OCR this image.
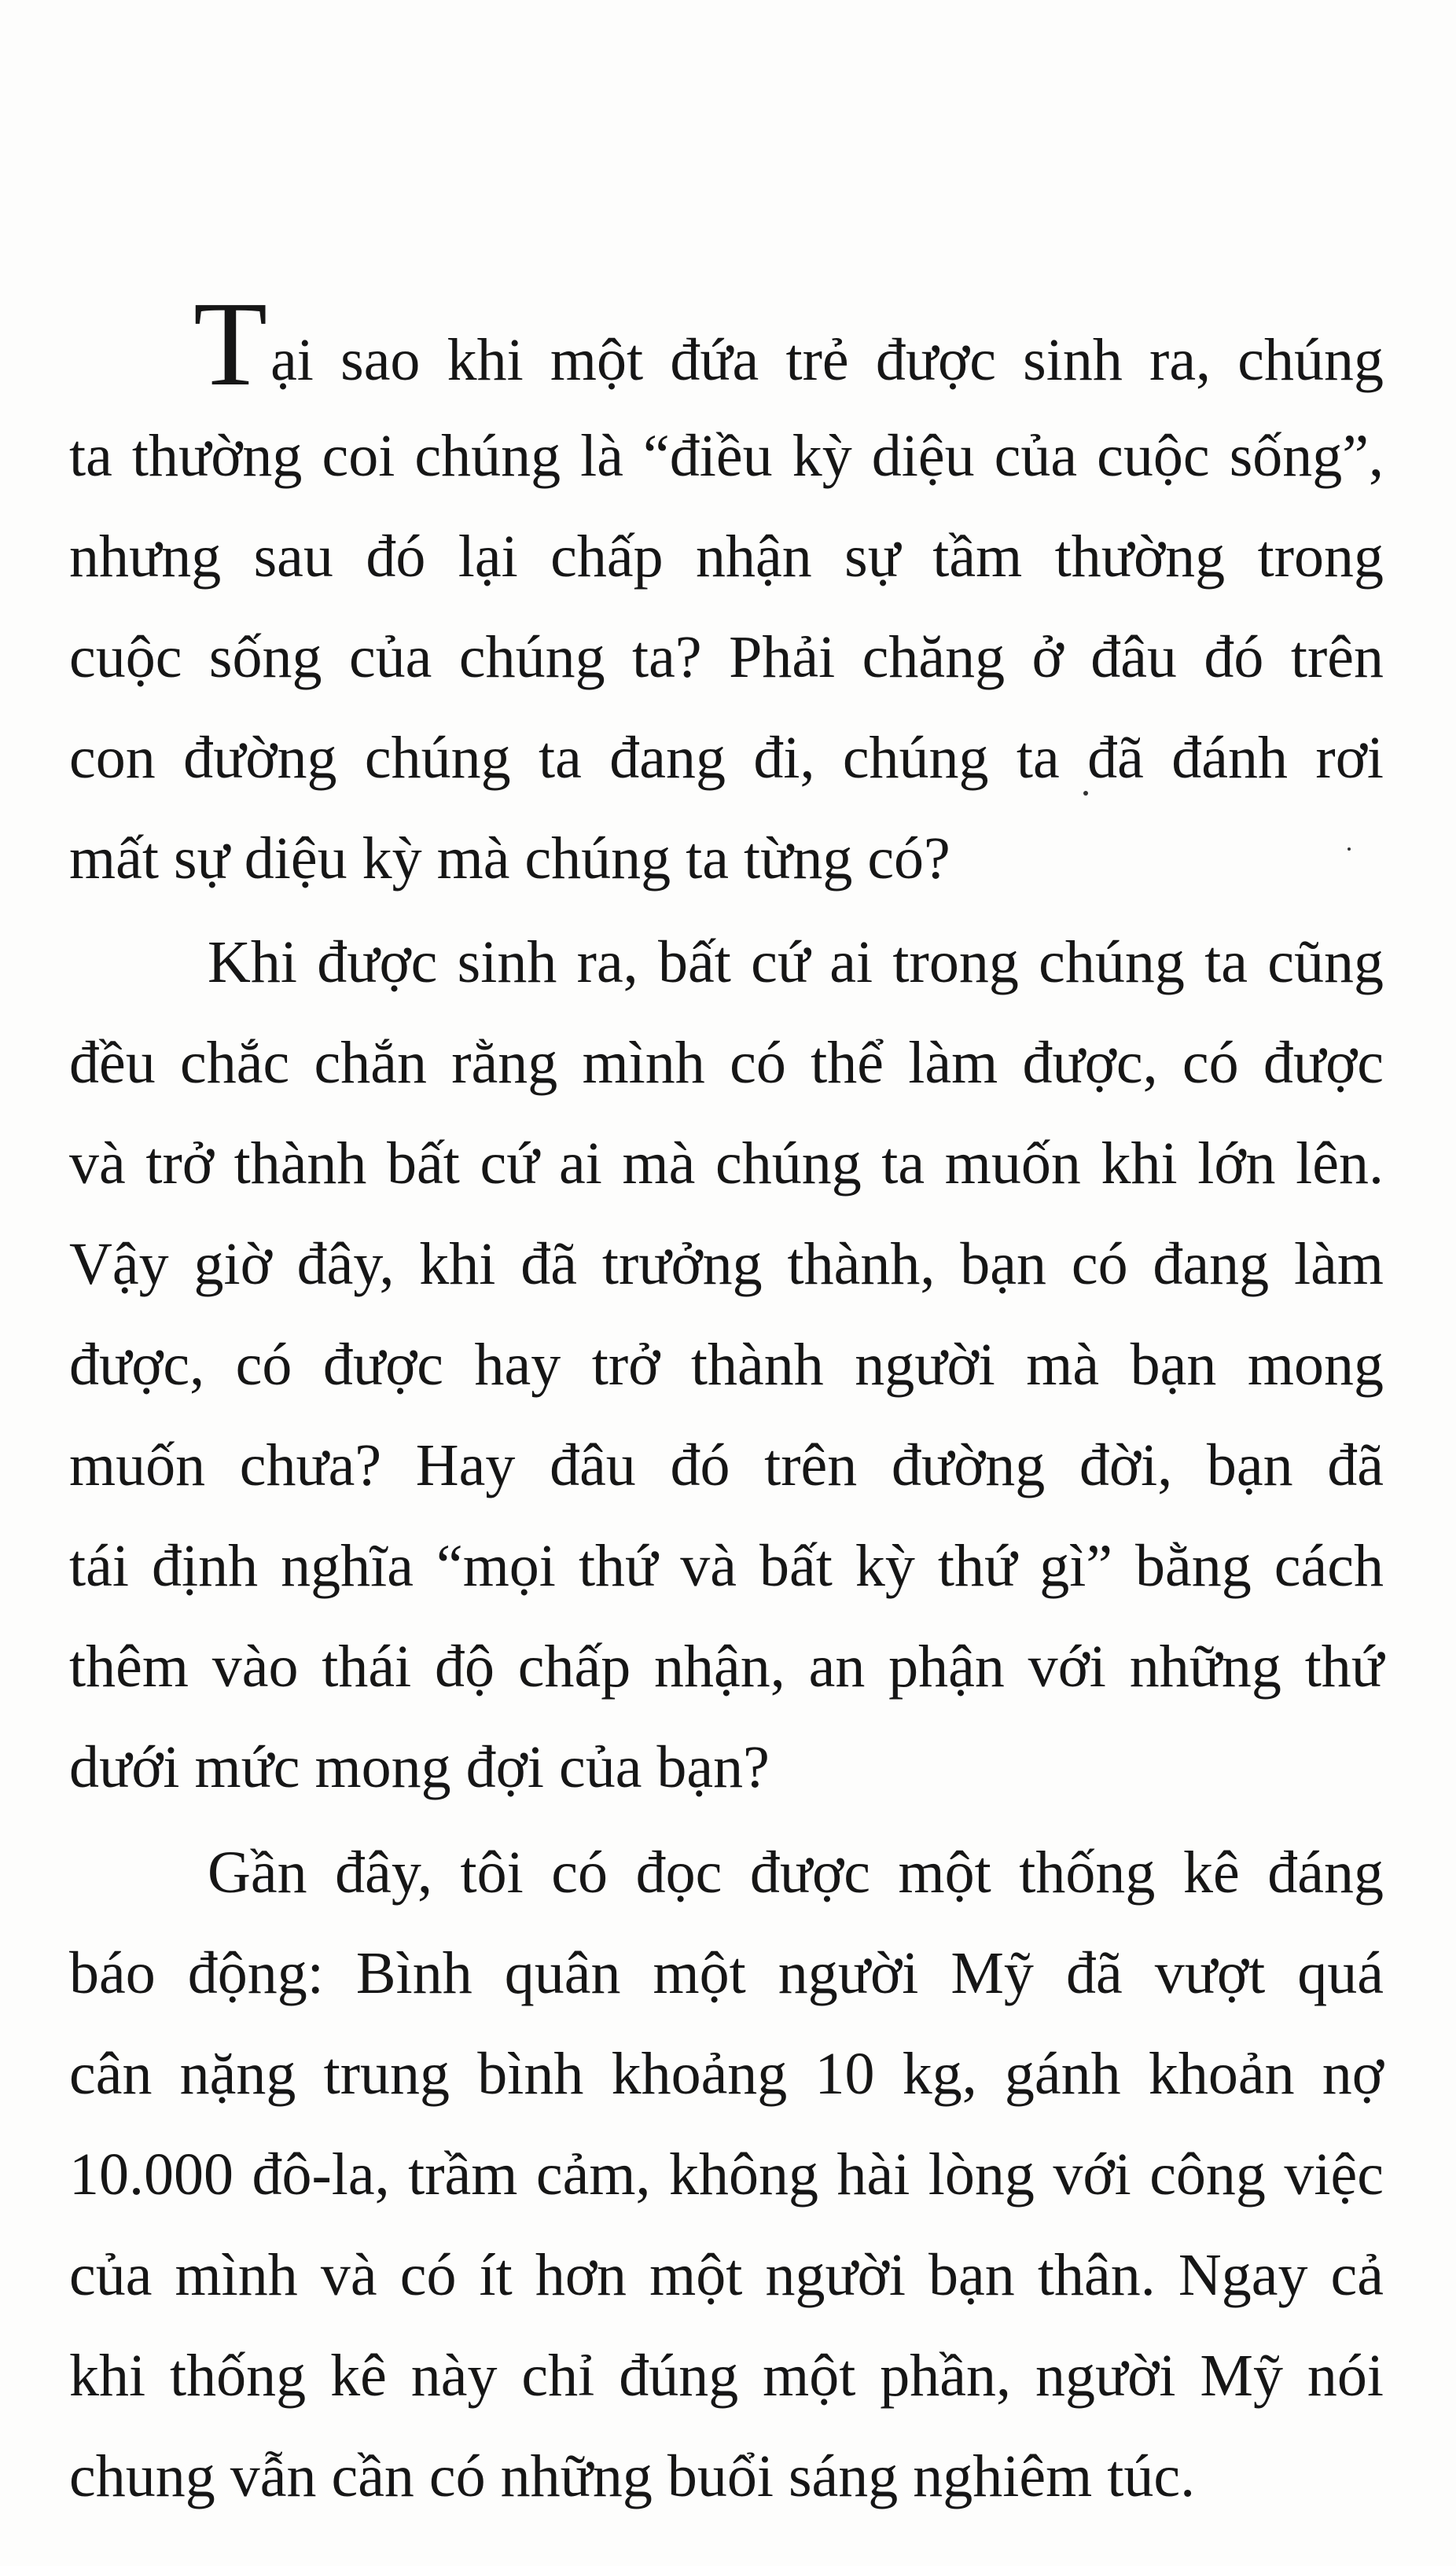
Tại sao khi một đứa trẻ được sinh ra, chúng
ta thường coi chúng là “điều kỳ diệu của cuộc sống”,
nhưng sau đó lại chấp nhận sự tầm thường trong
cuộc sống của chúng ta? Phải chăng ở đâu đó trên
con đường chúng ta đang đi, chúng ta đã đánh rơi
mất sự diệu kỳ mà chúng ta từng có?
Khi được sinh ra, bất cứ ai trong chúng ta cũng
đều chắc chắn rằng mình có thể làm được, có được
và trở thành bất cứ ai mà chúng ta muốn khi lớn lên.
Vậy giờ đây, khi đã trưởng thành, bạn có đang làm
được, có được hay trở thành người mà bạn mong
muốn chưa? Hay đâu đó trên đường đời, bạn đã
tái định nghĩa “mọi thứ và bất kỳ thứ gì” bằng cách
thêm vào thái độ chấp nhận, an phận với những thứ
dưới mức mong đợi của bạn?
Gần đây, tôi có đọc được một thống kê đáng
báo động: Bình quân một người Mỹ đã vượt quá
cân nặng trung bình khoảng 10 kg, gánh khoản nợ
10.000 đô-la, trầm cảm, không hài lòng với công việc
của mình và có ít hơn một người bạn thân. Ngay cả
khi thống kê này chỉ đúng một phần, người Mỹ nói
chung vẫn cần có những buổi sáng nghiêm túc.
